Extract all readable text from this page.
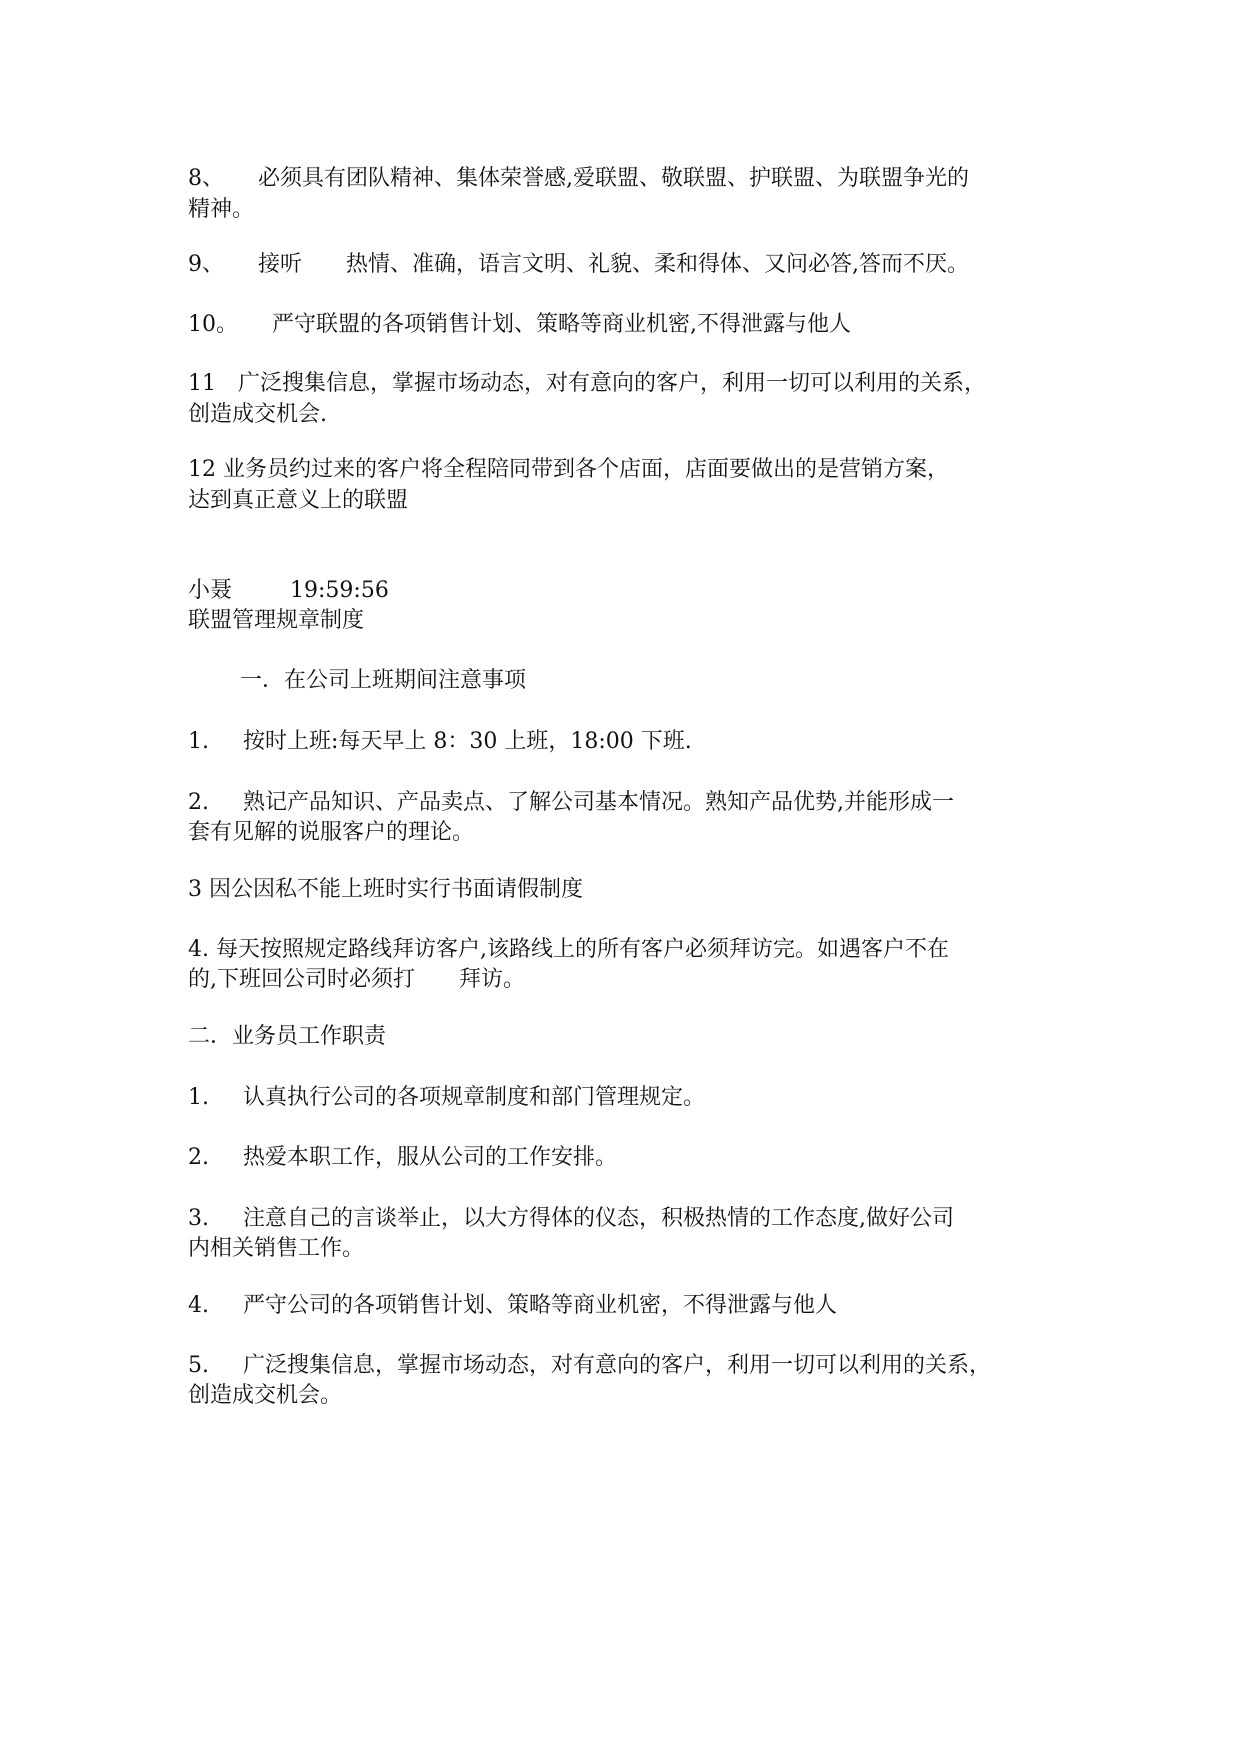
8、 必须具有团队精神、集体荣誉感,爱联盟、敬联盟、护联盟、为联盟争光的
精神。
9、 接听 热情、准确，语言文明、礼貌、柔和得体、又问必答,答而不厌。
10。 严守联盟的各项销售计划、策略等商业机密,不得泄露与他人
11 广泛搜集信息，掌握市场动态，对有意向的客户，利用一切可以利用的关系，
创造成交机会.
12 业务员约过来的客户将全程陪同带到各个店面，店面要做出的是营销方案，
达到真正意义上的联盟
小聂	19:59:56
联盟管理规章制度
一．在公司上班期间注意事项
1. 按时上班:每天早上 8：30 上班，18:00 下班.
2. 熟记产品知识、产品卖点、了解公司基本情况。熟知产品优势,并能形成一
套有见解的说服客户的理论。
3 因公因私不能上班时实行书面请假制度
4. 每天按照规定路线拜访客户,该路线上的所有客户必须拜访完。如遇客户不在
的,下班回公司时必须打 拜访。
二．业务员工作职责
1. 认真执行公司的各项规章制度和部门管理规定。
2. 热爱本职工作，服从公司的工作安排。
3. 注意自己的言谈举止，以大方得体的仪态，积极热情的工作态度,做好公司
内相关销售工作。
4. 严守公司的各项销售计划、策略等商业机密，不得泄露与他人
5. 广泛搜集信息，掌握市场动态，对有意向的客户，利用一切可以利用的关系，
创造成交机会。
